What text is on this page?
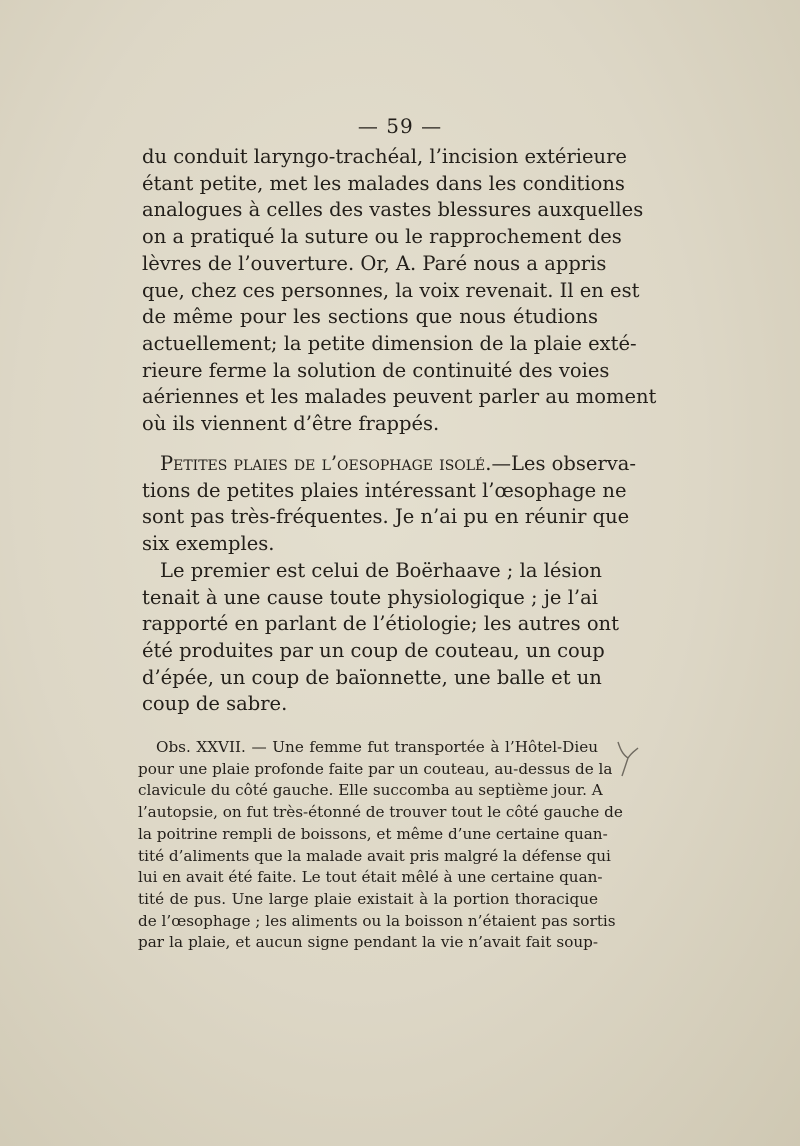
— 59 —
du conduit laryngo-trachéal, l’incision extérieure
étant petite, met les malades dans les conditions
analogues à celles des vastes blessures auxquelles
on a pratiqué la suture ou le rapprochement des
lèvres de l’ouverture. Or, A. Paré nous a appris
que, chez ces personnes, la voix revenait. Il en est
de même pour les sections que nous étudions
actuellement; la petite dimension de la plaie exté-
rieure ferme la solution de continuité des voies
aériennes et les malades peuvent parler au moment
où ils viennent d’être frappés.
Petites plaies de l’oesophage isolé.—Les observa-
tions de petites plaies intéressant l’œsophage ne
sont pas très-fréquentes. Je n’ai pu en réunir que
six exemples.
Le premier est celui de Boërhaave ; la lésion
tenait à une cause toute physiologique ; je l’ai
rapporté en parlant de l’étiologie; les autres ont
été produites par un coup de couteau, un coup
d’épée, un coup de baïonnette, une balle et un
coup de sabre.
Obs. XXVII. — Une femme fut transportée à l’Hôtel-Dieu
pour une plaie profonde faite par un couteau, au-dessus de la
clavicule du côté gauche. Elle succomba au septième jour. A
l’autopsie, on fut très-étonné de trouver tout le côté gauche de
la poitrine rempli de boissons, et même d’une certaine quan-
tité d’aliments que la malade avait pris malgré la défense qui
lui en avait été faite. Le tout était mêlé à une certaine quan-
tité de pus. Une large plaie existait à la portion thoracique
de l’œsophage ; les aliments ou la boisson n’étaient pas sortis
par la plaie, et aucun signe pendant la vie n’avait fait soup-
